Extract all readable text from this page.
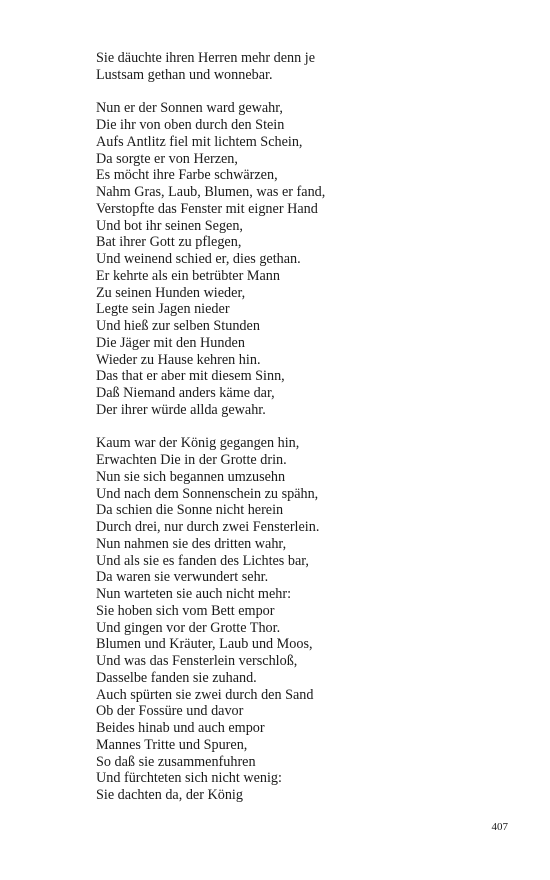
Sie däuchte ihren Herren mehr denn je
Lustsam gethan und wonnebar.
Nun er der Sonnen ward gewahr,
Die ihr von oben durch den Stein
Aufs Antlitz fiel mit lichtem Schein,
Da sorgte er von Herzen,
Es möcht ihre Farbe schwärzen,
Nahm Gras, Laub, Blumen, was er fand,
Verstopfte das Fenster mit eigner Hand
Und bot ihr seinen Segen,
Bat ihrer Gott zu pflegen,
Und weinend schied er, dies gethan.
Er kehrte als ein betrübter Mann
Zu seinen Hunden wieder,
Legte sein Jagen nieder
Und hieß zur selben Stunden
Die Jäger mit den Hunden
Wieder zu Hause kehren hin.
Das that er aber mit diesem Sinn,
Daß Niemand anders käme dar,
Der ihrer würde allda gewahr.
Kaum war der König gegangen hin,
Erwachten Die in der Grotte drin.
Nun sie sich begannen umzusehn
Und nach dem Sonnenschein zu spähn,
Da schien die Sonne nicht herein
Durch drei, nur durch zwei Fensterlein.
Nun nahmen sie des dritten wahr,
Und als sie es fanden des Lichtes bar,
Da waren sie verwundert sehr.
Nun warteten sie auch nicht mehr:
Sie hoben sich vom Bett empor
Und gingen vor der Grotte Thor.
Blumen und Kräuter, Laub und Moos,
Und was das Fensterlein verschloß,
Dasselbe fanden sie zuhand.
Auch spürten sie zwei durch den Sand
Ob der Fossüre und davor
Beides hinab und auch empor
Mannes Tritte und Spuren,
So daß sie zusammenfuhren
Und fürchteten sich nicht wenig:
Sie dachten da, der König
407
